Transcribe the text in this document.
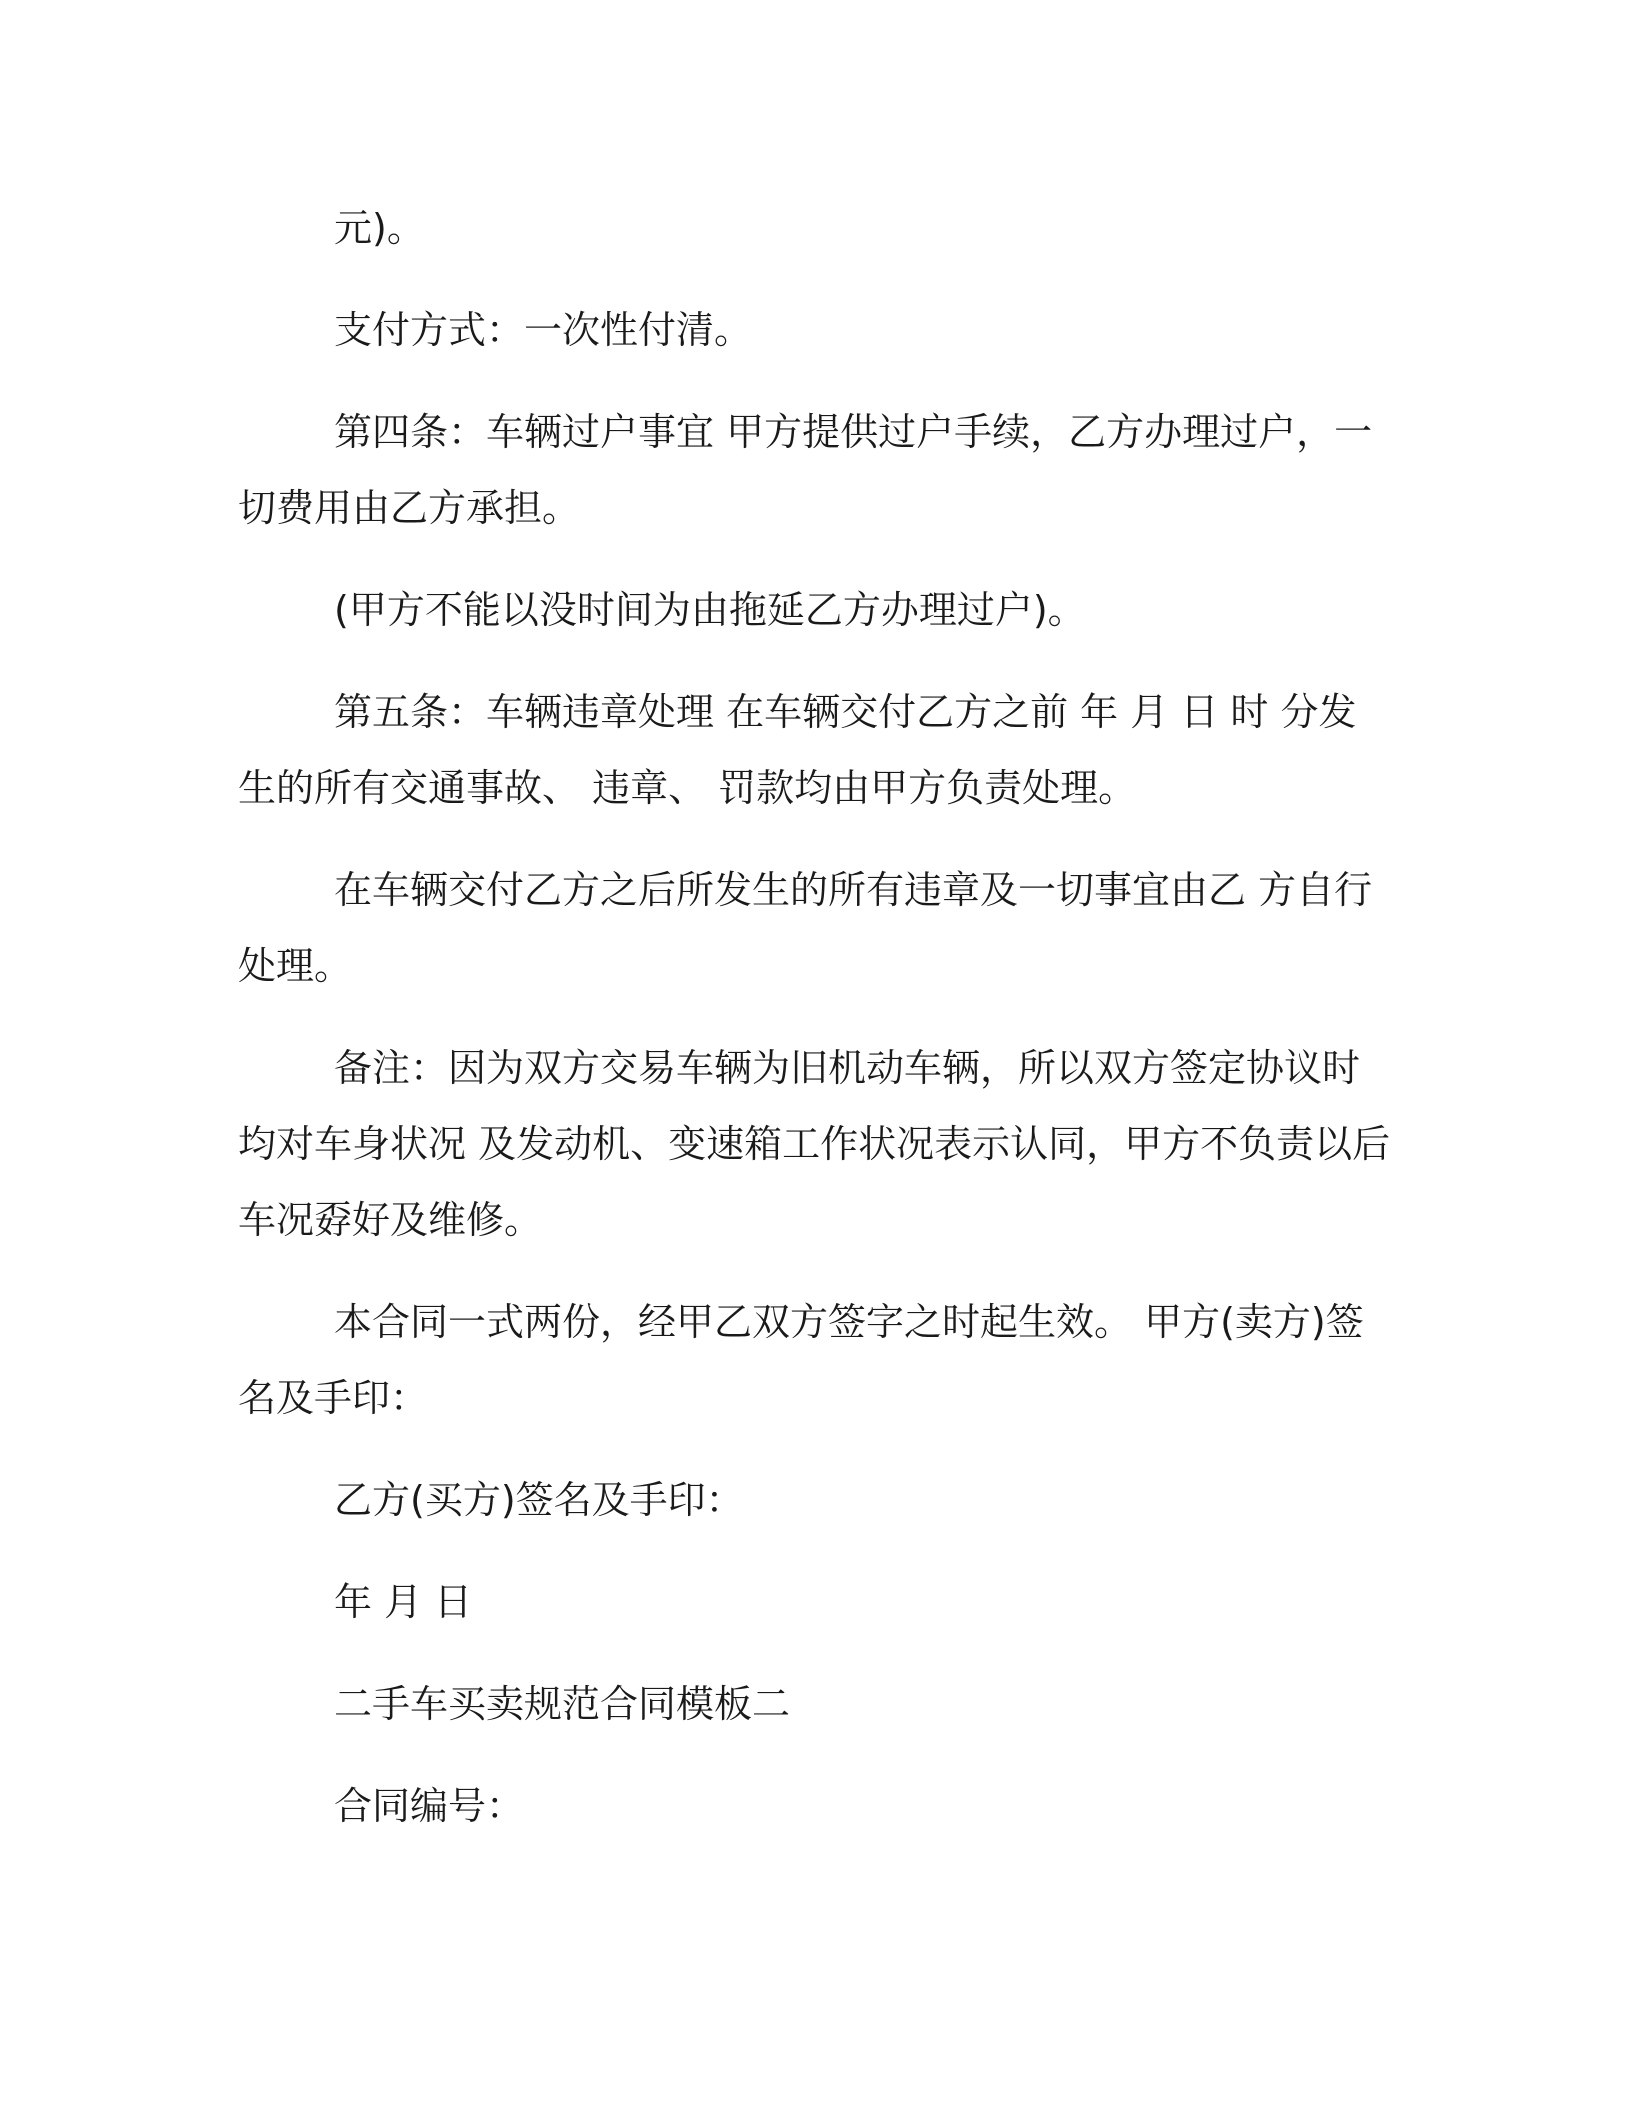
元)。

支付方式：一次性付清。

第四条：车辆过户事宜 甲方提供过户手续，乙方办理过户，一切费用由乙方承担。

(甲方不能以没时间为由拖延乙方办理过户)。

第五条：车辆违章处理 在车辆交付乙方之前 年 月 日 时 分发生的所有交通事故、 违章、 罚款均由甲方负责处理。

在车辆交付乙方之后所发生的所有违章及一切事宜由乙 方自行处理。

备注：因为双方交易车辆为旧机动车辆，所以双方签定协议时均对车身状况 及发动机、变速箱工作状况表示认同，甲方不负责以后车况孬好及维修。

本合同一式两份，经甲乙双方签字之时起生效。 甲方(卖方)签名及手印：

乙方(买方)签名及手印：

年 月 日

二手车买卖规范合同模板二

合同编号：
